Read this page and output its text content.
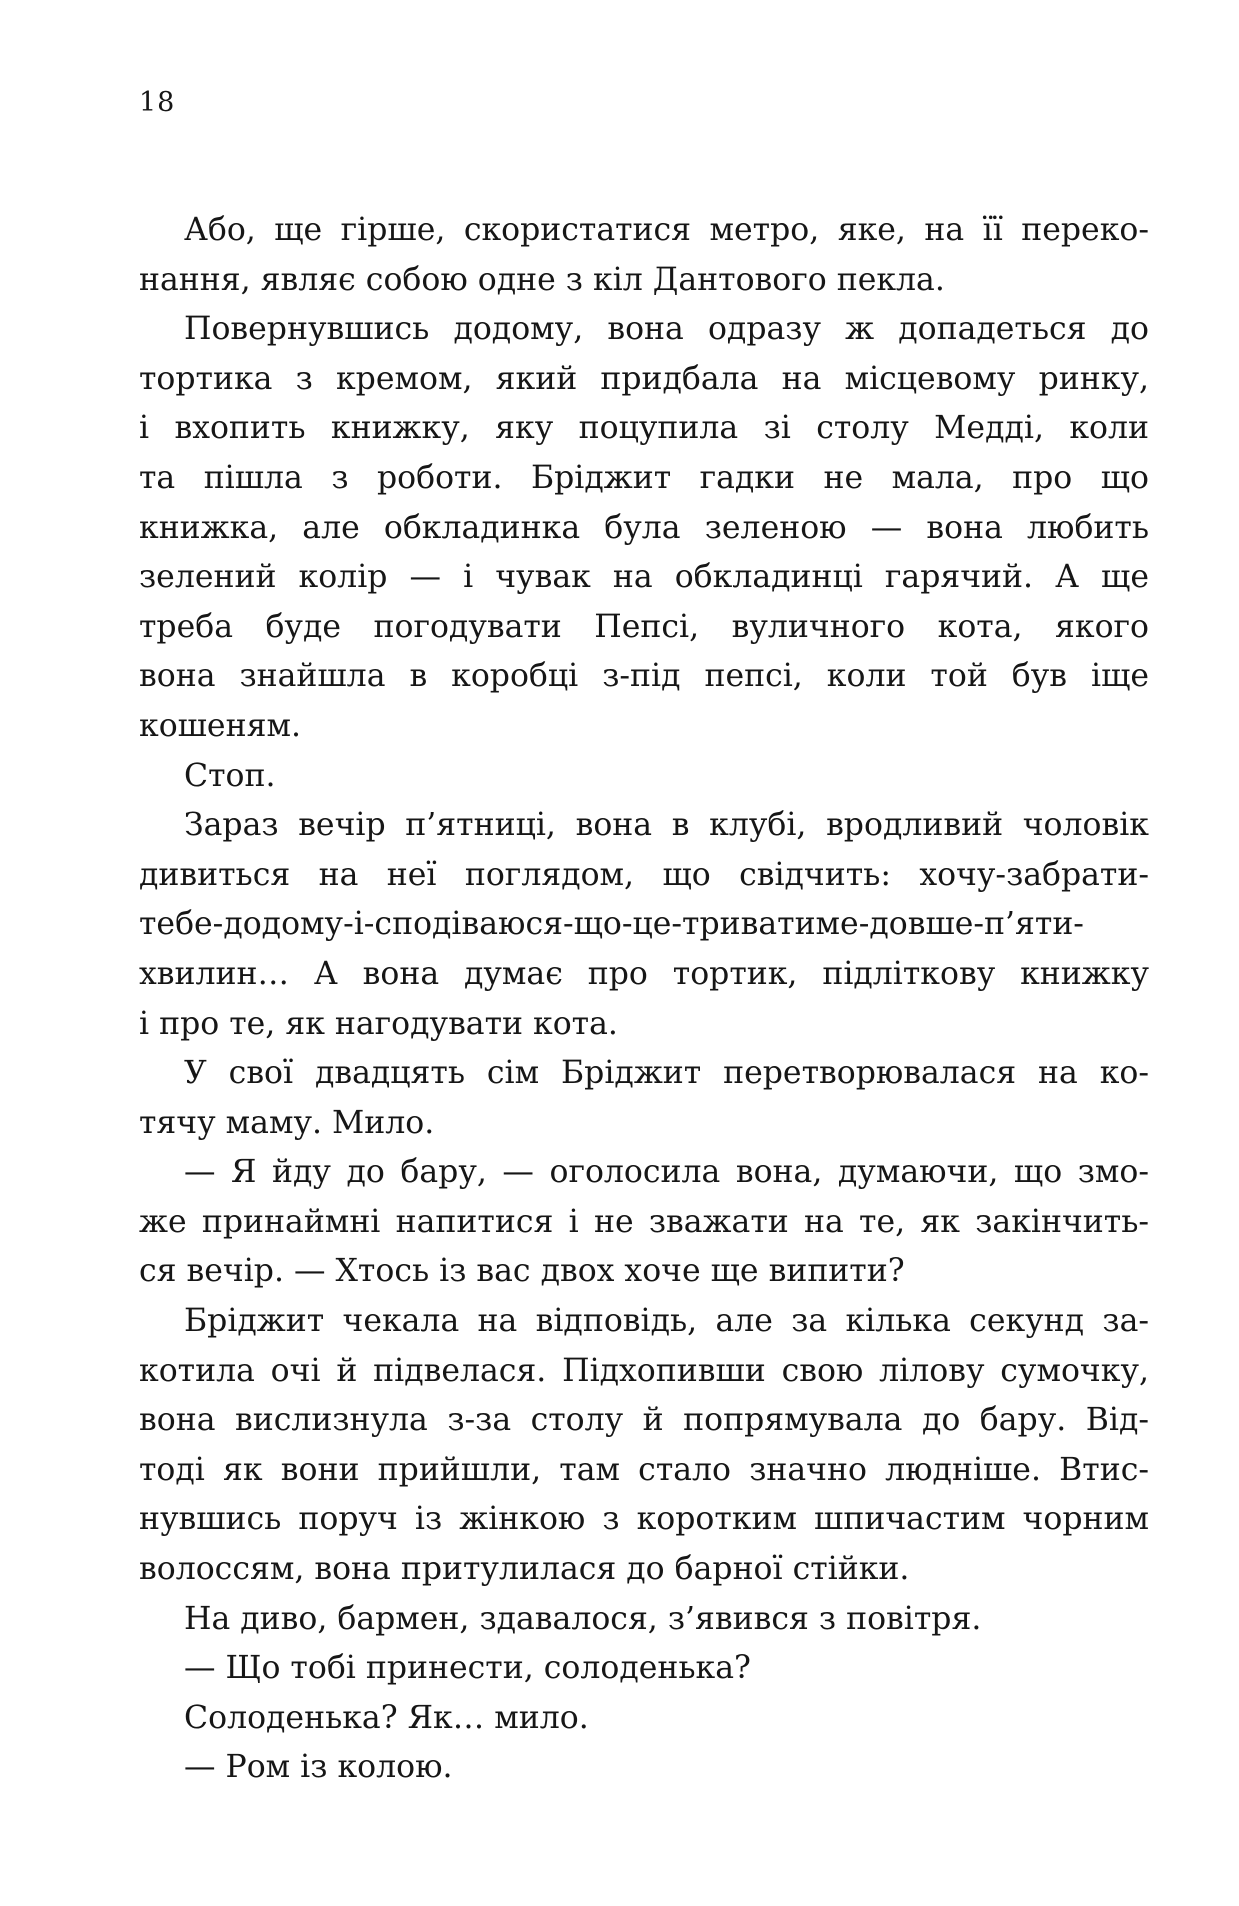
18
Або, ще гірше, скористатися метро, яке, на її переко-
нання, являє собою одне з кіл Дантового пекла.
Повернувшись додому, вона одразу ж допадеться до
тортика з кремом, який придбала на місцевому ринку,
і вхопить книжку, яку поцупила зі столу Медді, коли
та пішла з роботи. Бріджит гадки не мала, про що
книжка, але обкладинка була зеленою — вона любить
зелений колір — і чувак на обкладинці гарячий. А ще
треба буде погодувати Пепсі, вуличного кота, якого
вона знайшла в коробці з-під пепсі, коли той був іще
кошеням.
Стоп.
Зараз вечір п’ятниці, вона в клубі, вродливий чоловік
дивиться на неї поглядом, що свідчить: хочу-забрати-
тебе-додому-і-сподіваюся-що-це-триватиме-довше-п’яти-
хвилин… А вона думає про тортик, підліткову книжку
і про те, як нагодувати кота.
У свої двадцять сім Бріджит перетворювалася на ко-
тячу маму. Мило.
— Я йду до бару, — оголосила вона, думаючи, що змо-
же принаймні напитися і не зважати на те, як закінчить-
ся вечір. — Хтось із вас двох хоче ще випити?
Бріджит чекала на відповідь, але за кілька секунд за-
котила очі й підвелася. Підхопивши свою лілову сумочку,
вона вислизнула з-за столу й попрямувала до бару. Від-
тоді як вони прийшли, там стало значно людніше. Втис-
нувшись поруч із жінкою з коротким шпичастим чорним
волоссям, вона притулилася до барної стійки.
На диво, бармен, здавалося, з’явився з повітря.
— Що тобі принести, солоденька?
Солоденька? Як… мило.
— Ром із колою.
